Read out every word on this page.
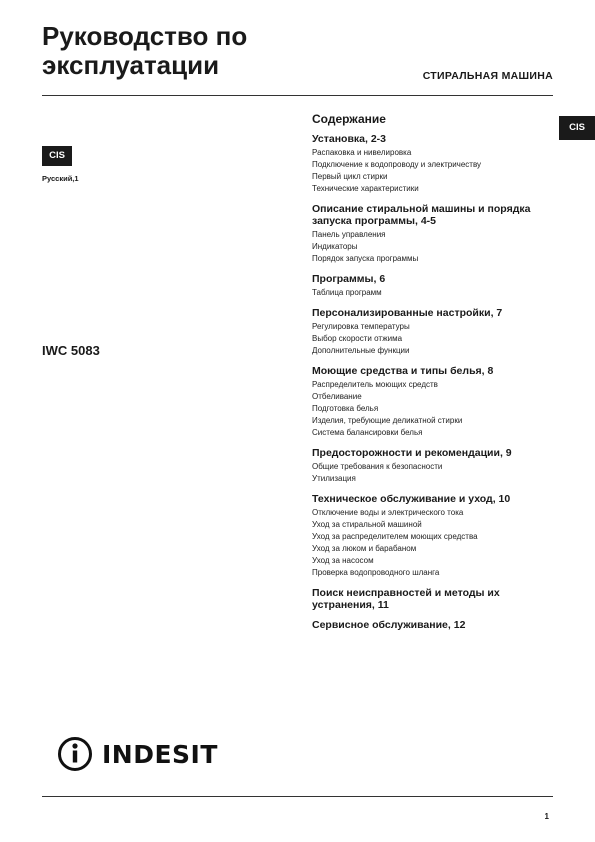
Руководство по
эксплуатации	СТИРАЛЬНАЯ МАШИНА
CIS
CIS
Русский,1
IWC 5083
Содержание
Установка, 2-3
Распаковка и нивелировка
Подключение к водопроводу и электричеству
Первый цикл стирки
Технические характеристики
Описание стиральной машины и порядка запуска программы, 4-5
Панель управления
Индикаторы
Порядок запуска программы
Программы, 6
Таблица программ
Персонализированные настройки, 7
Регулировка температуры
Выбор скорости отжима
Дополнительные функции
Моющие средства и типы белья, 8
Распределитель моющих средств
Отбеливание
Подготовка белья
Изделия, требующие деликатной стирки
Система балансировки белья
Предосторожности и рекомендации, 9
Общие требования к безопасности
Утилизация
Техническое обслуживание и уход, 10
Отключение воды и электрического тока
Уход за стиральной машиной
Уход за распределителем моющих средства
Уход за люком и барабаном
Уход за насосом
Проверка водопроводного шланга
Поиск неисправностей и методы их устранения, 11
Сервисное обслуживание, 12
INDESIT
1
